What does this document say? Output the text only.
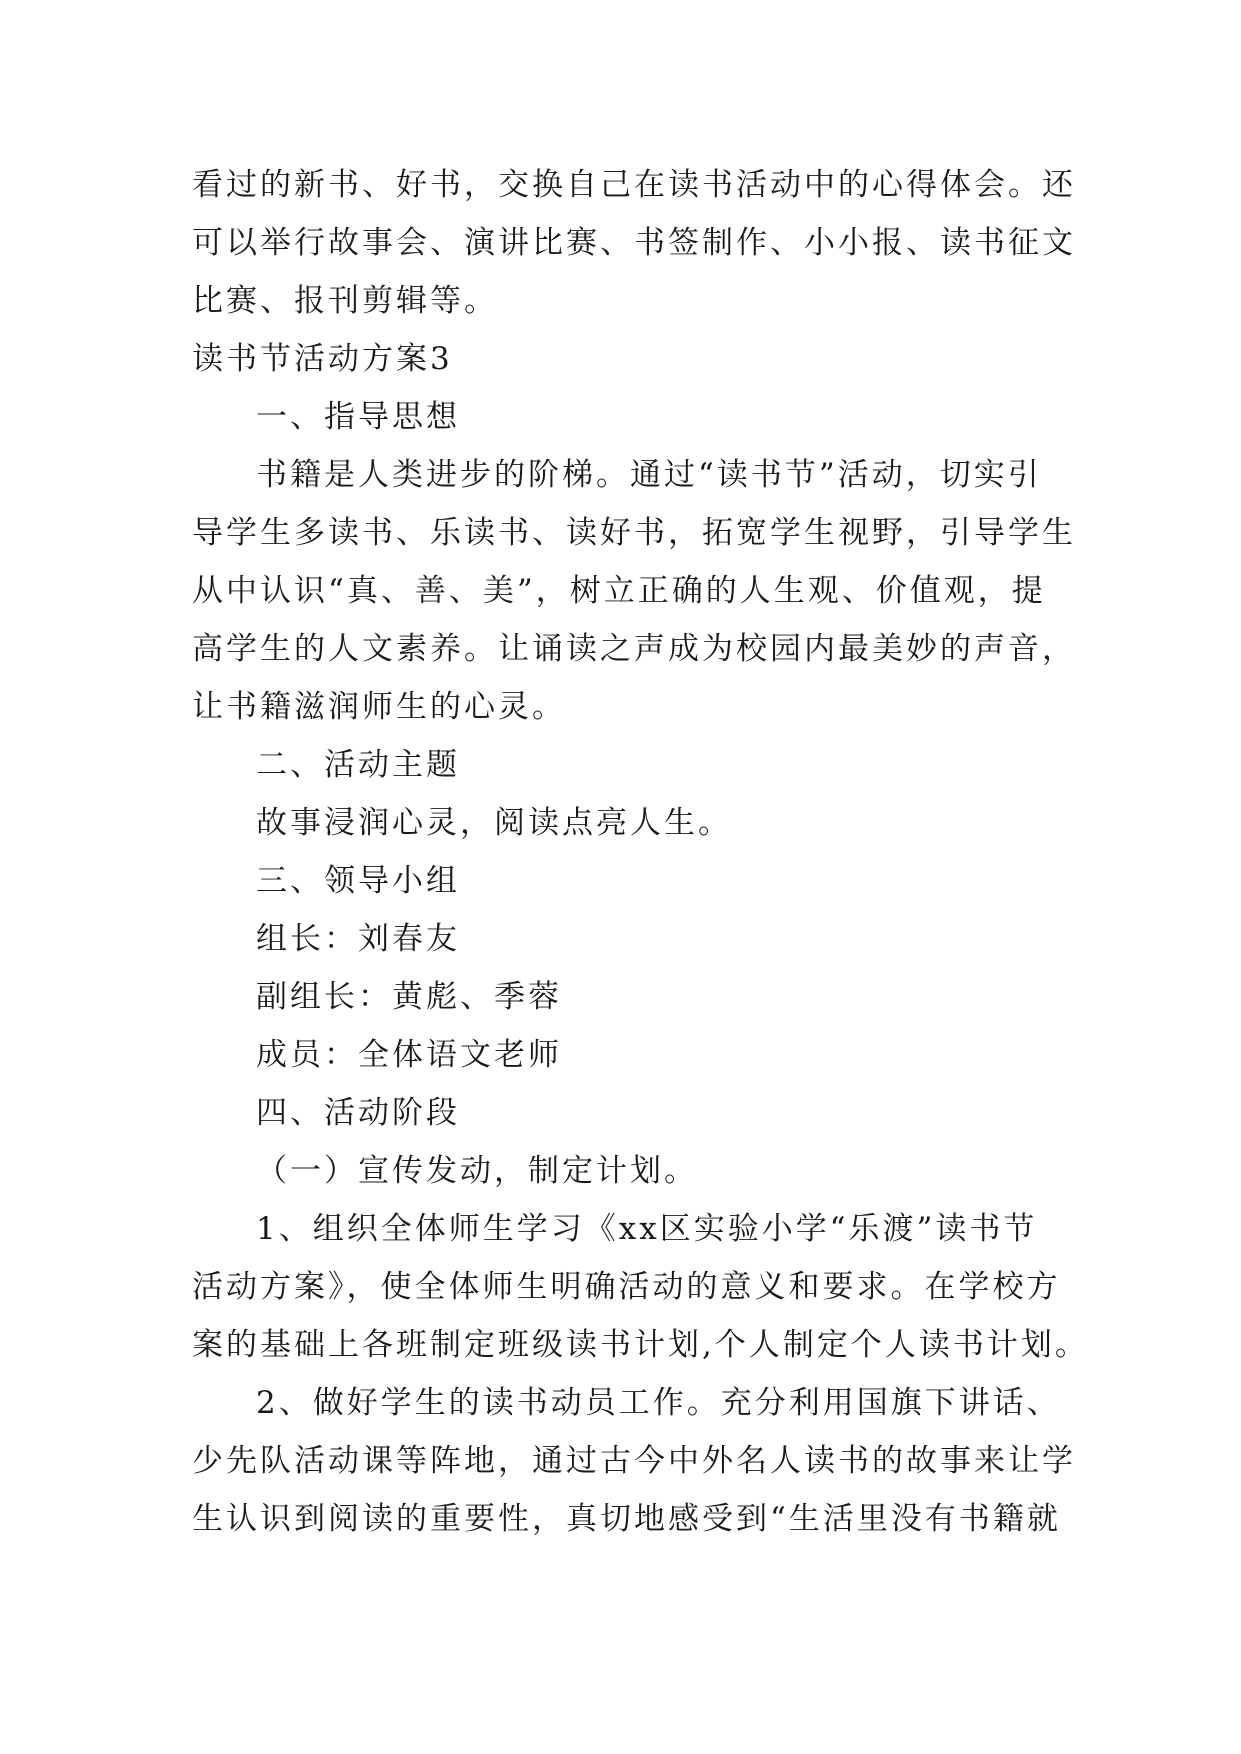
看过的新书、好书，交换自己在读书活动中的心得体会。还
可以举行故事会、演讲比赛、书签制作、小小报、读书征文
比赛、报刊剪辑等。
读书节活动方案3
一、指导思想
书籍是人类进步的阶梯。通过“读书节”活动，切实引
导学生多读书、乐读书、读好书，拓宽学生视野，引导学生
从中认识“真、善、美”，树立正确的人生观、价值观，提
高学生的人文素养。让诵读之声成为校园内最美妙的声音，
让书籍滋润师生的心灵。
二、活动主题
故事浸润心灵，阅读点亮人生。
三、领导小组
组长：刘春友
副组长：黄彪、季蓉
成员：全体语文老师
四、活动阶段
（一）宣传发动，制定计划。
1、组织全体师生学习《xx区实验小学“乐渡”读书节
活动方案》，使全体师生明确活动的意义和要求。在学校方
案的基础上各班制定班级读书计划,个人制定个人读书计划。
2、做好学生的读书动员工作。充分利用国旗下讲话、
少先队活动课等阵地，通过古今中外名人读书的故事来让学
生认识到阅读的重要性，真切地感受到“生活里没有书籍就
